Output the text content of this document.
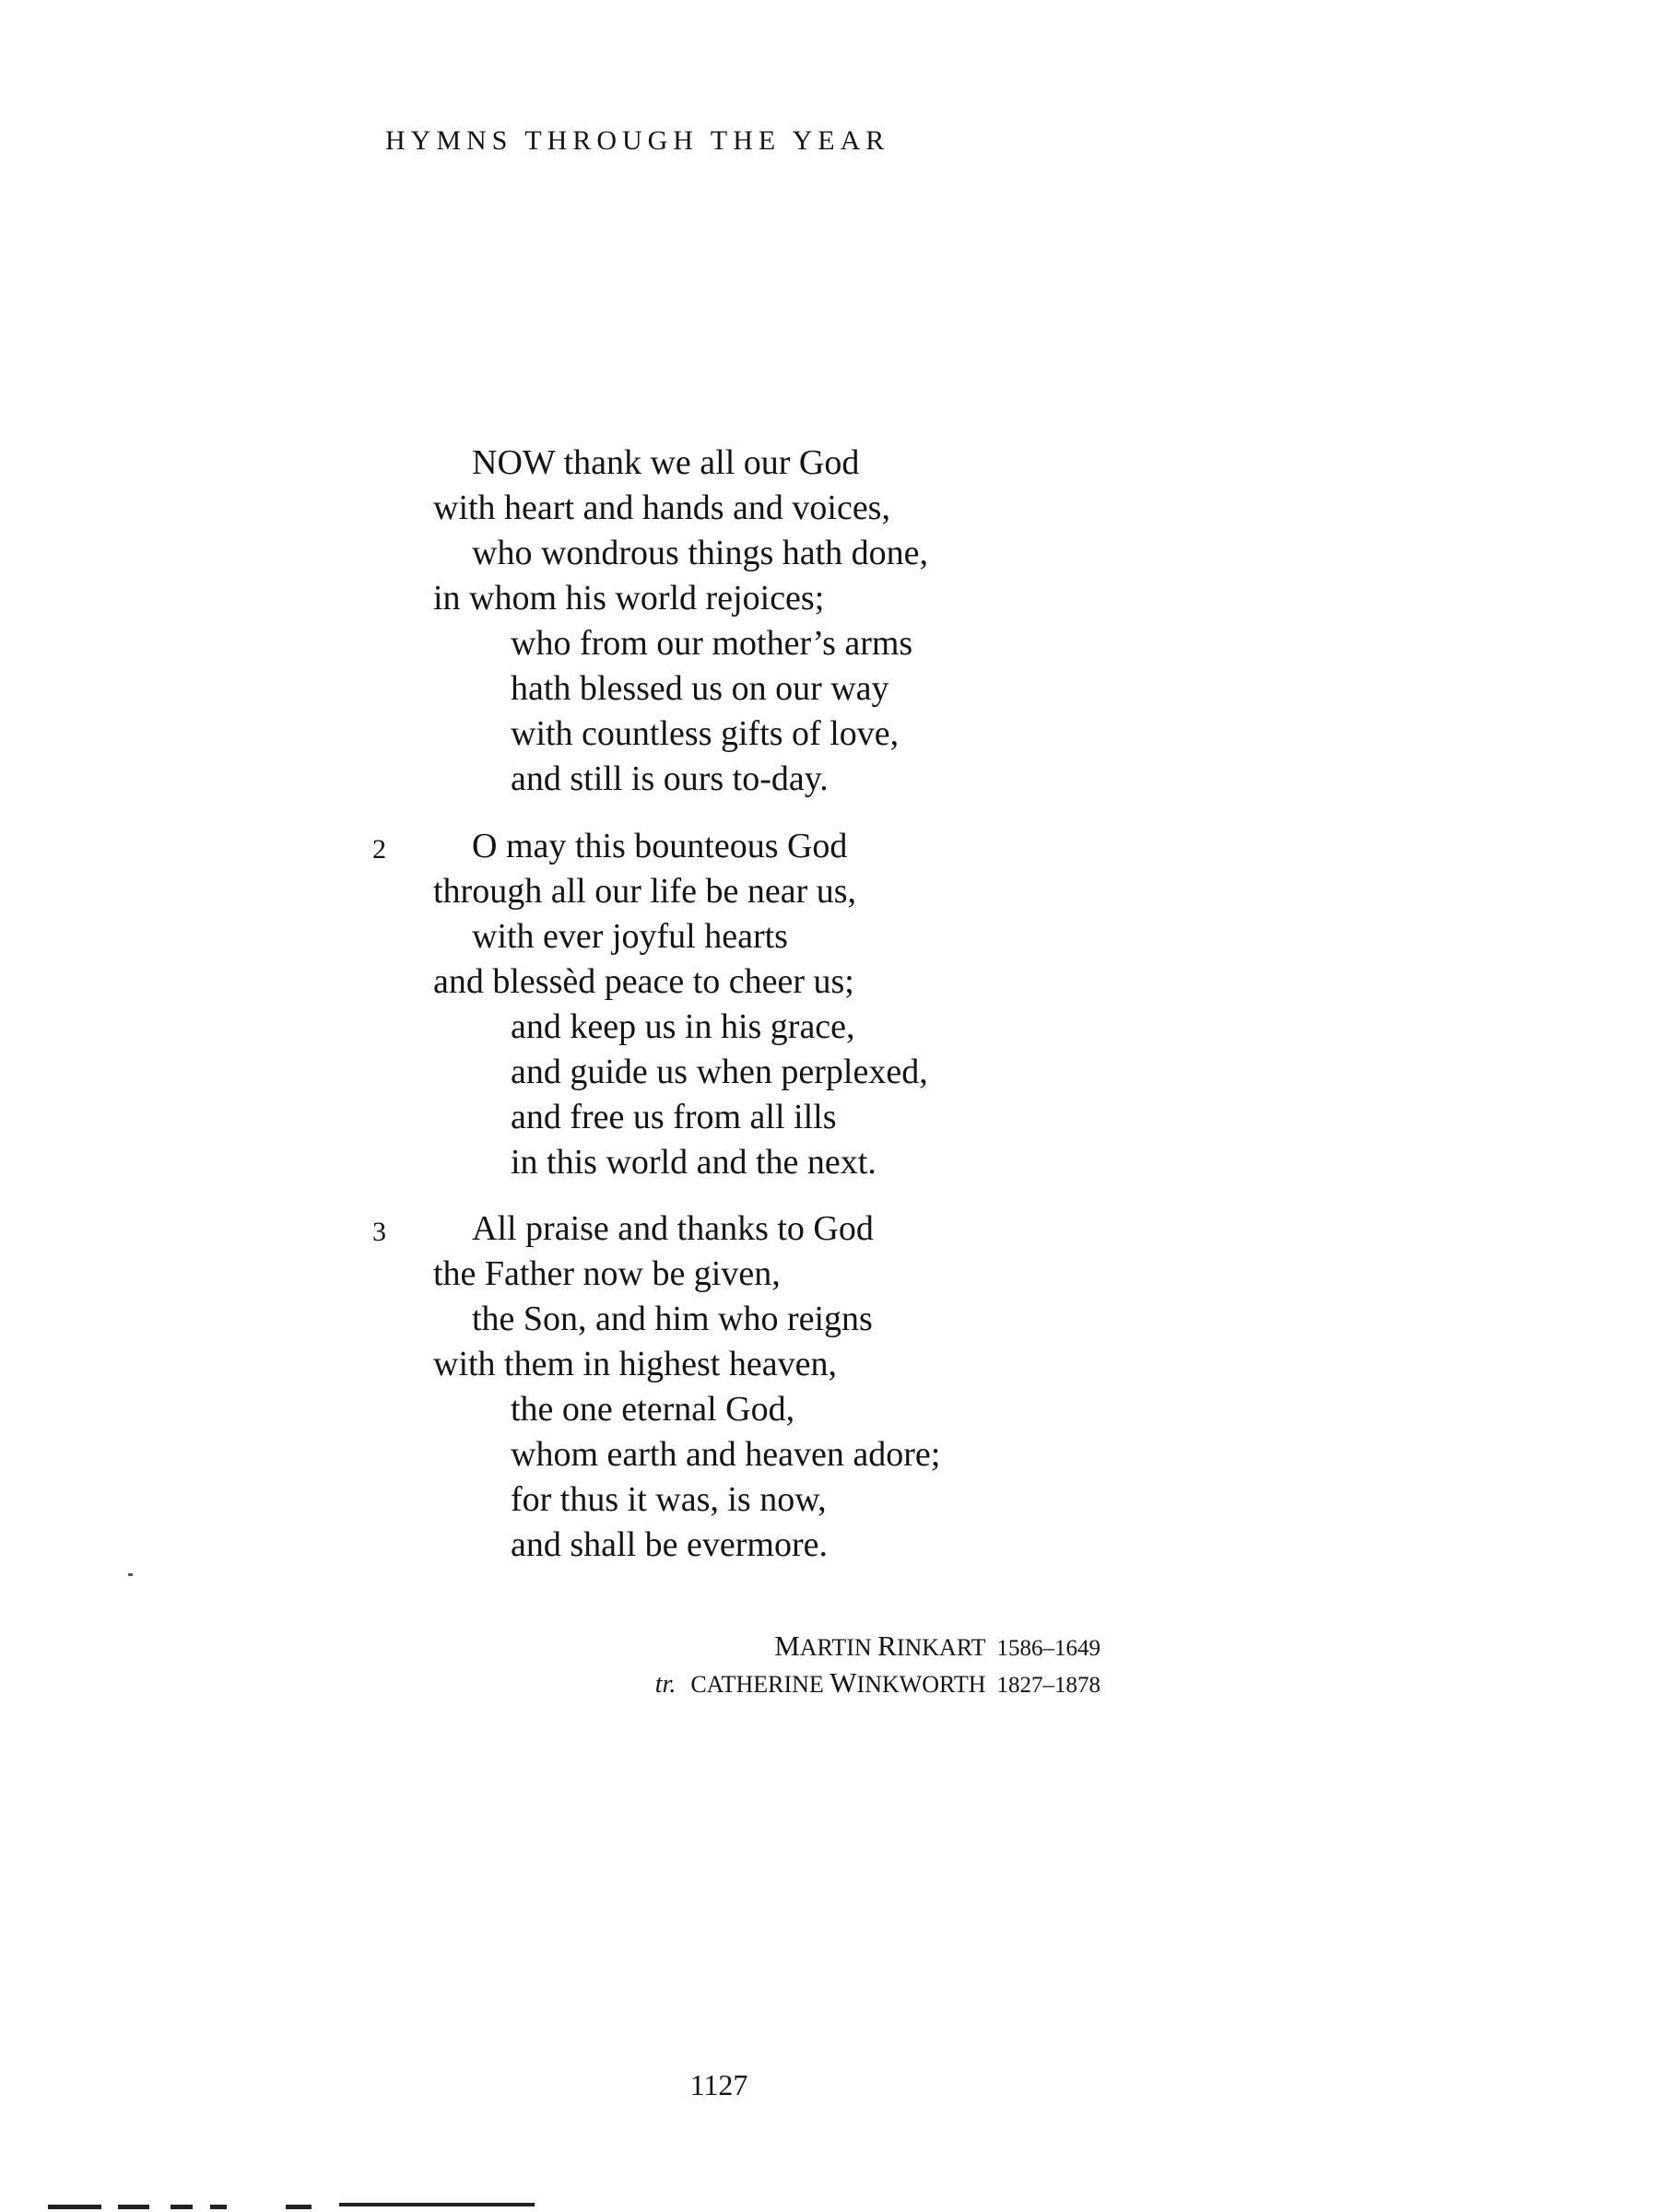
HYMNS THROUGH THE YEAR
NOW thank we all our God
with heart and hands and voices,
who wondrous things hath done,
in whom his world rejoices;
who from our mother’s arms
hath blessed us on our way
with countless gifts of love,
and still is ours to-day.
2 O may this bounteous God
through all our life be near us,
with ever joyful hearts
and blessèd peace to cheer us;
and keep us in his grace,
and guide us when perplexed,
and free us from all ills
in this world and the next.
3 All praise and thanks to God
the Father now be given,
the Son, and him who reigns
with them in highest heaven,
the one eternal God,
whom earth and heaven adore;
for thus it was, is now,
and shall be evermore.
MARTIN RINKART 1586–1649
tr. CATHERINE WINKWORTH 1827–1878
1127
